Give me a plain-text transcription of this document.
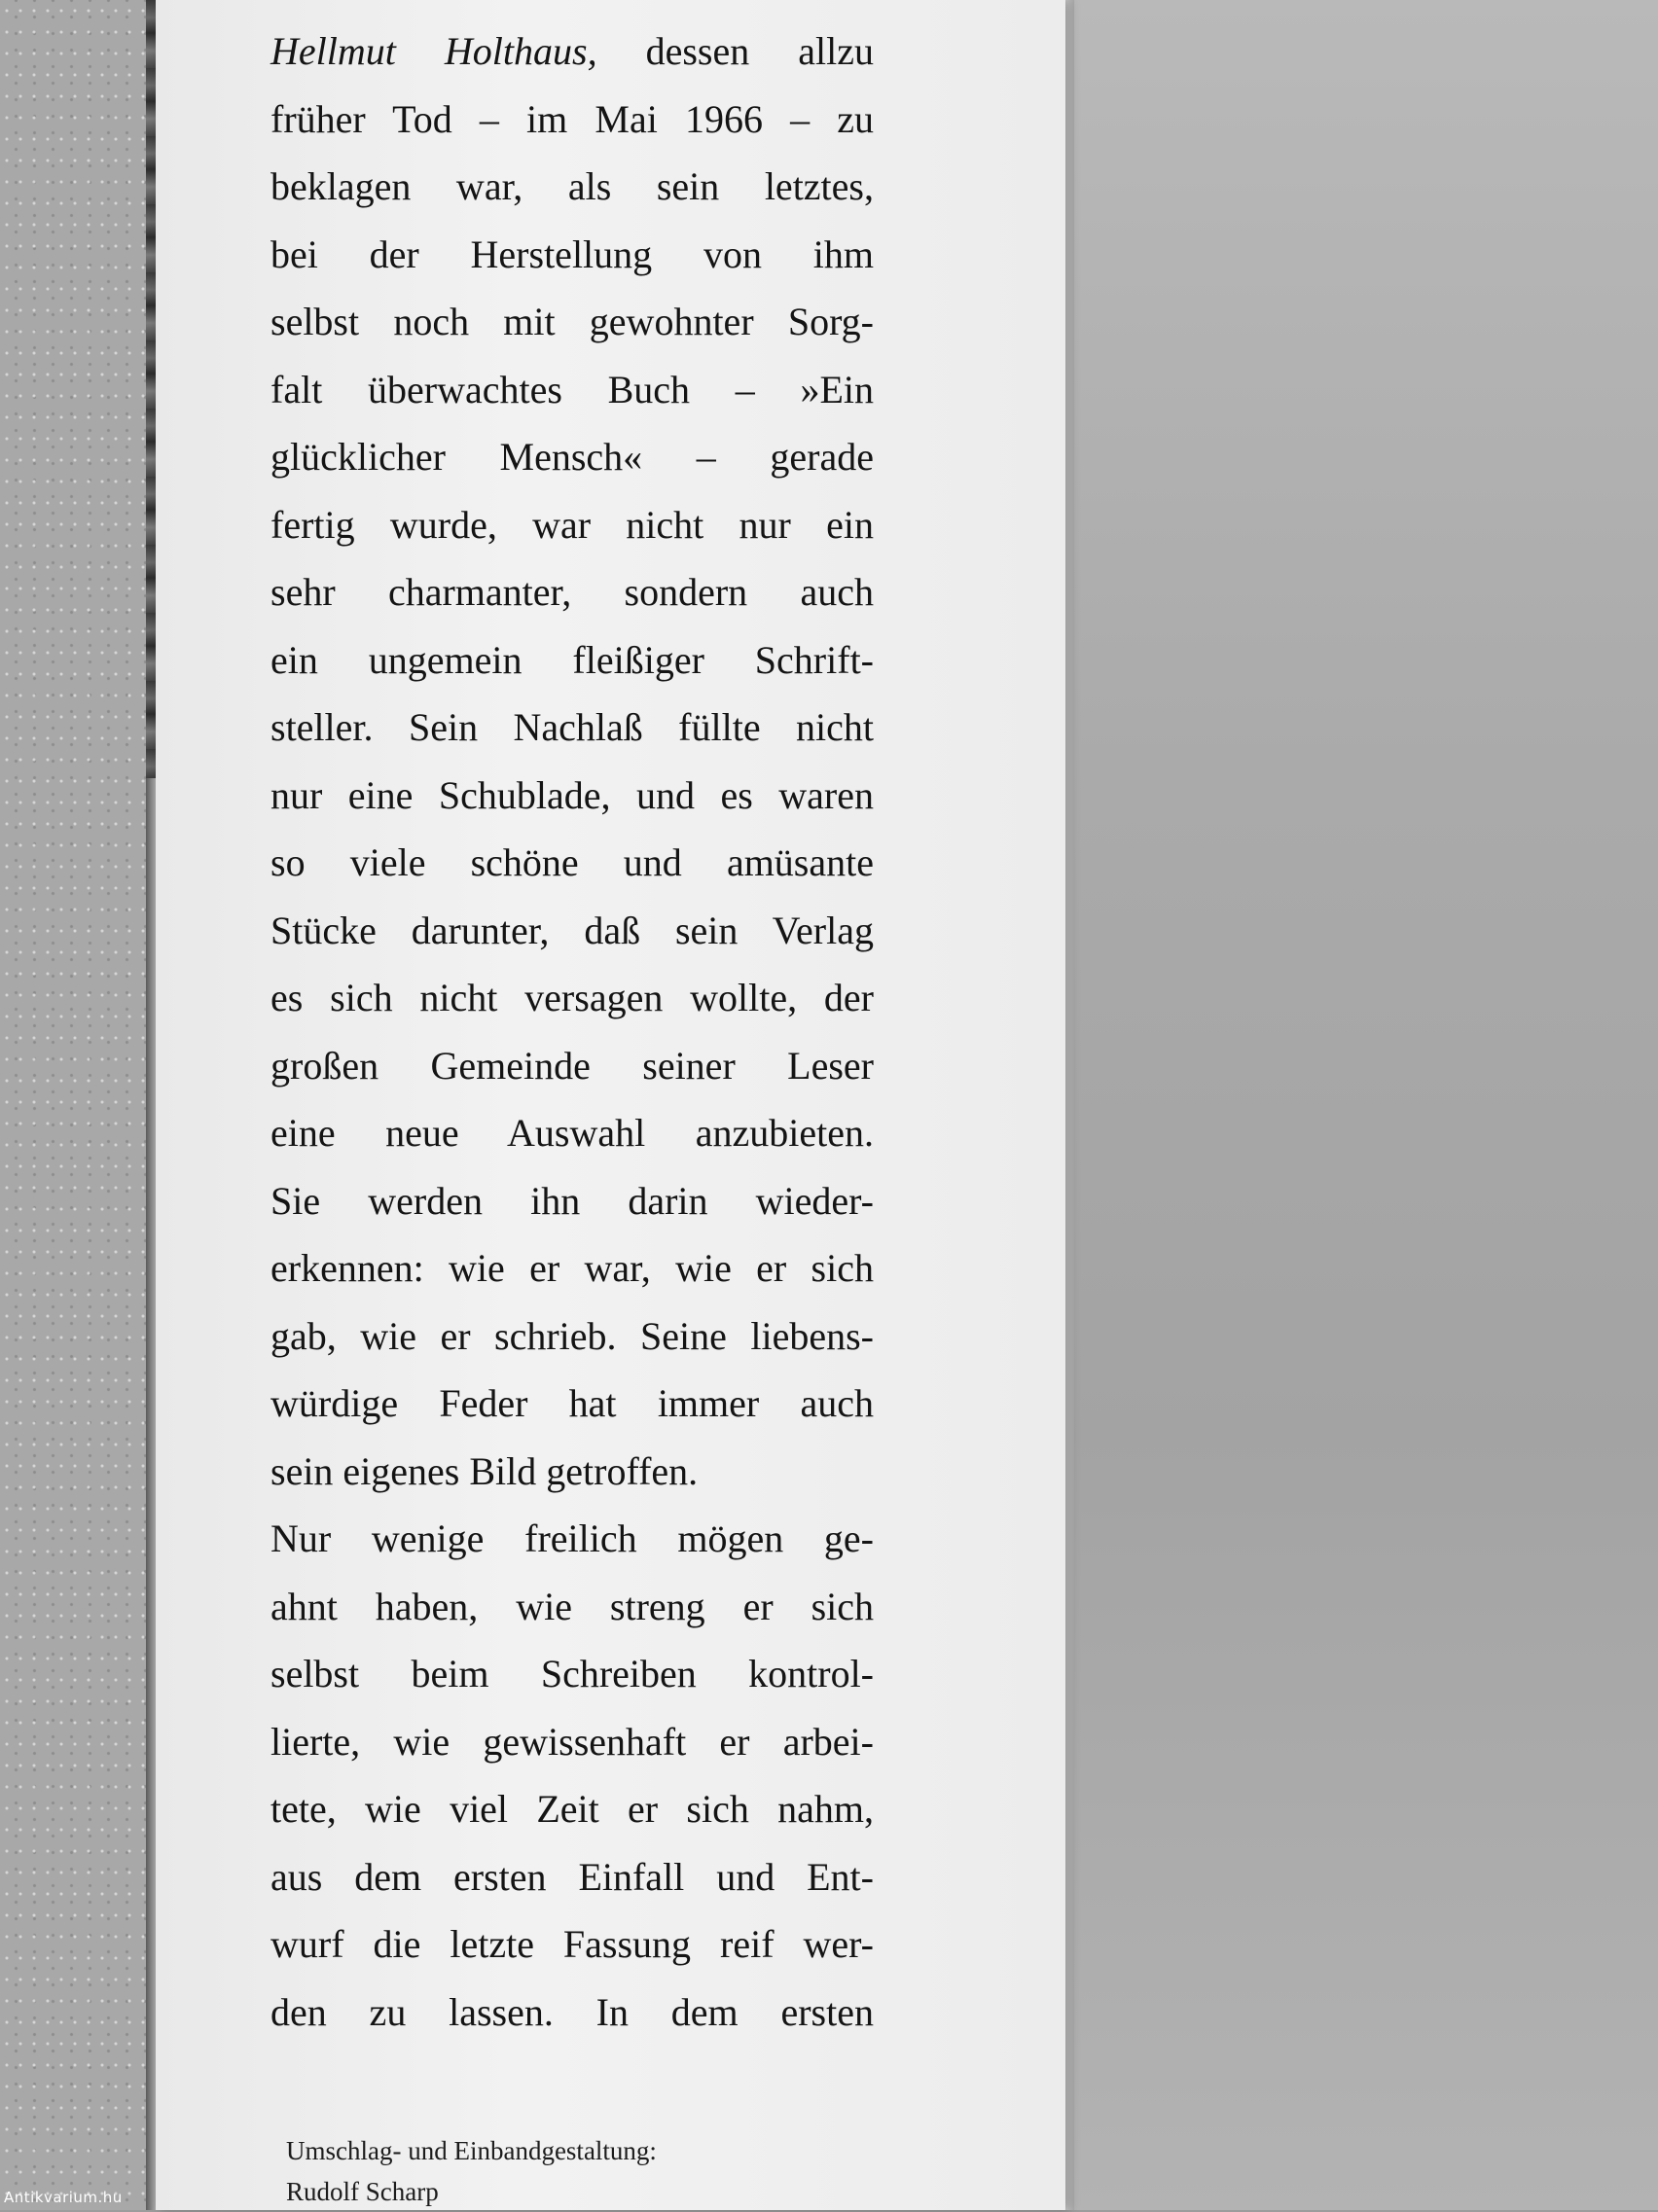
Hellmut Holthaus, dessen allzu
früher Tod – im Mai 1966 – zu
beklagen war, als sein letztes,
bei der Herstellung von ihm
selbst noch mit gewohnter Sorg-
falt überwachtes Buch – »Ein
glücklicher Mensch« – gerade
fertig wurde, war nicht nur ein
sehr charmanter, sondern auch
ein ungemein fleißiger Schrift-
steller. Sein Nachlaß füllte nicht
nur eine Schublade, und es waren
so viele schöne und amüsante
Stücke darunter, daß sein Verlag
es sich nicht versagen wollte, der
großen Gemeinde seiner Leser
eine neue Auswahl anzubieten.
Sie werden ihn darin wieder-
erkennen: wie er war, wie er sich
gab, wie er schrieb. Seine liebens-
würdige Feder hat immer auch
sein eigenes Bild getroffen.
Nur wenige freilich mögen ge-
ahnt haben, wie streng er sich
selbst beim Schreiben kontrol-
lierte, wie gewissenhaft er arbei-
tete, wie viel Zeit er sich nahm,
aus dem ersten Einfall und Ent-
wurf die letzte Fassung reif wer-
den zu lassen. In dem ersten
Umschlag- und Einbandgestaltung:
Rudolf Scharp
Antikvarium.hu
